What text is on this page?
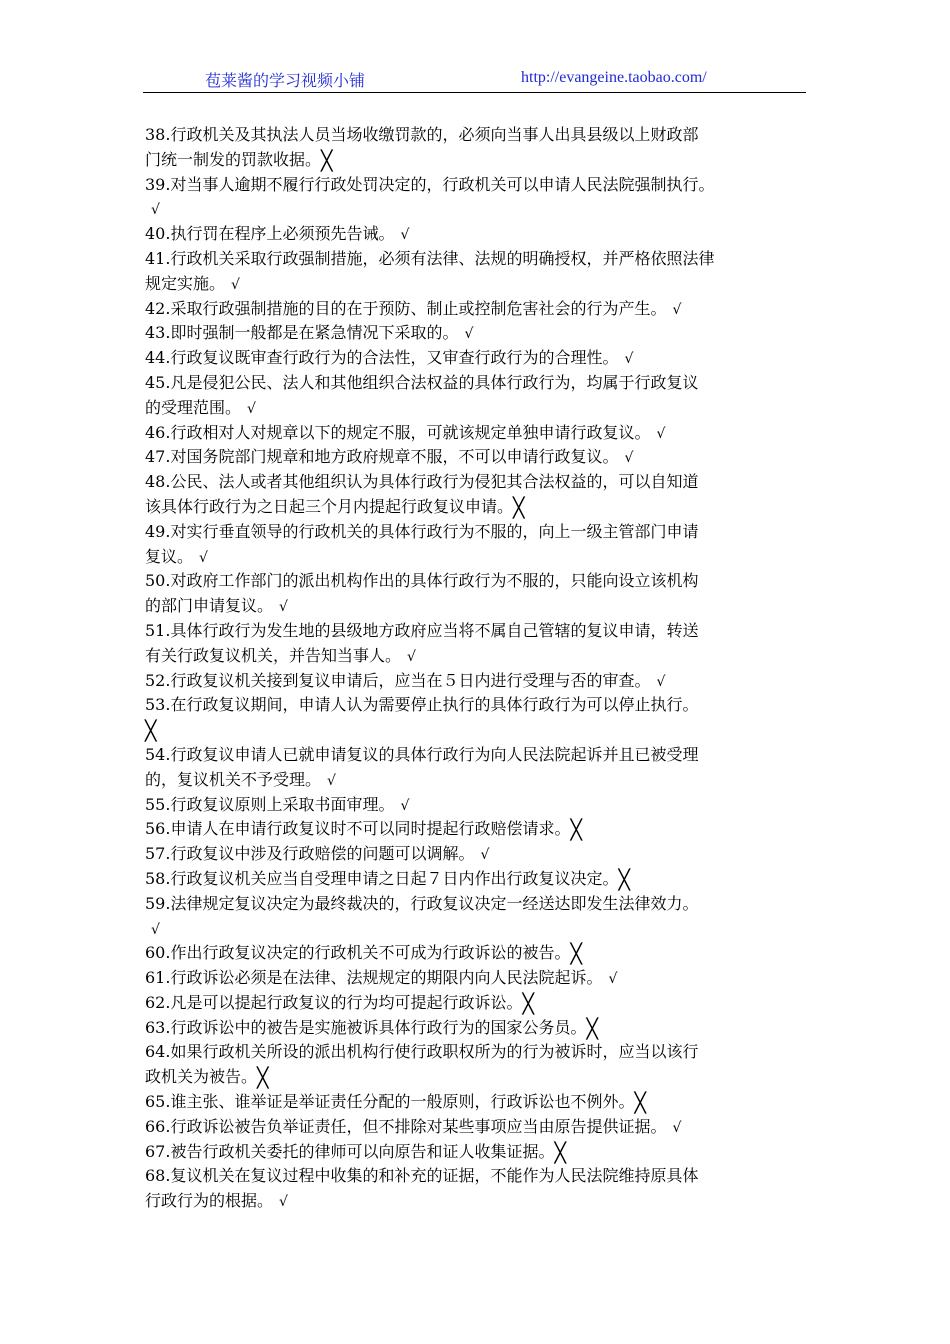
苞莱酱的学习视频小铺	http://evangeine.taobao.com/
38.行政机关及其执法人员当场收缴罚款的，必须向当事人出具县级以上财政部
门统一制发的罚款收据。╳
39.对当事人逾期不履行行政处罚决定的，行政机关可以申请人民法院强制执行。
√
40.执行罚在程序上必须预先告诫。 √
41.行政机关采取行政强制措施，必须有法律、法规的明确授权，并严格依照法律
规定实施。 √
42.采取行政强制措施的目的在于预防、制止或控制危害社会的行为产生。 √
43.即时强制一般都是在紧急情况下采取的。 √
44.行政复议既审查行政行为的合法性，又审查行政行为的合理性。 √
45.凡是侵犯公民、法人和其他组织合法权益的具体行政行为，均属于行政复议
的受理范围。 √
46.行政相对人对规章以下的规定不服，可就该规定单独申请行政复议。 √
47.对国务院部门规章和地方政府规章不服，不可以申请行政复议。 √
48.公民、法人或者其他组织认为具体行政行为侵犯其合法权益的，可以自知道
该具体行政行为之日起三个月内提起行政复议申请。╳
49.对实行垂直领导的行政机关的具体行政行为不服的，向上一级主管部门申请
复议。 √
50.对政府工作部门的派出机构作出的具体行政行为不服的，只能向设立该机构
的部门申请复议。 √
51.具体行政行为发生地的县级地方政府应当将不属自己管辖的复议申请，转送
有关行政复议机关，并告知当事人。 √
52.行政复议机关接到复议申请后，应当在５日内进行受理与否的审查。 √
53.在行政复议期间，申请人认为需要停止执行的具体行政行为可以停止执行。
╳
54.行政复议申请人已就申请复议的具体行政行为向人民法院起诉并且已被受理
的，复议机关不予受理。 √
55.行政复议原则上采取书面审理。 √
56.申请人在申请行政复议时不可以同时提起行政赔偿请求。╳
57.行政复议中涉及行政赔偿的问题可以调解。 √
58.行政复议机关应当自受理申请之日起７日内作出行政复议决定。╳
59.法律规定复议决定为最终裁决的，行政复议决定一经送达即发生法律效力。
√
60.作出行政复议决定的行政机关不可成为行政诉讼的被告。╳
61.行政诉讼必须是在法律、法规规定的期限内向人民法院起诉。 √
62.凡是可以提起行政复议的行为均可提起行政诉讼。╳
63.行政诉讼中的被告是实施被诉具体行政行为的国家公务员。╳
64.如果行政机关所设的派出机构行使行政职权所为的行为被诉时，应当以该行
政机关为被告。╳
65.谁主张、谁举证是举证责任分配的一般原则，行政诉讼也不例外。╳
66.行政诉讼被告负举证责任，但不排除对某些事项应当由原告提供证据。 √
67.被告行政机关委托的律师可以向原告和证人收集证据。╳
68.复议机关在复议过程中收集的和补充的证据，不能作为人民法院维持原具体
行政行为的根据。 √
